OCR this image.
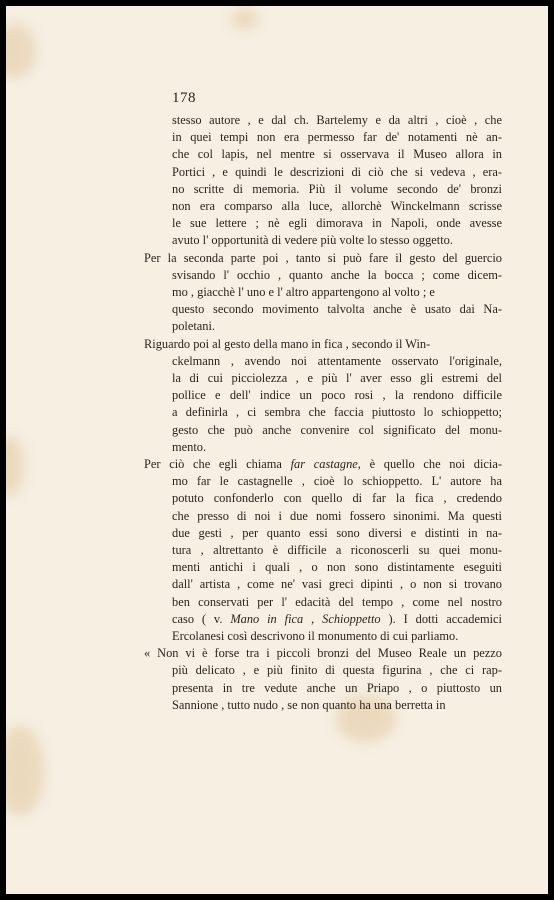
178
stesso autore , e dal ch. Bartelemy e da altri , cioè , che
in quei tempi non era permesso far de' notamenti nè an-
che col lapis, nel mentre si osservava il Museo allora in
Portici , e quindi le descrizioni di ciò che si vedeva , era-
no scritte di memoria. Più il volume secondo de' bronzi
non era comparso alla luce, allorchè Winckelmann scrisse
le sue lettere ; nè egli dimorava in Napoli, onde avesse
avuto l' opportunità di vedere più volte lo stesso oggetto.
Per la seconda parte poi , tanto si può fare il gesto del guercio
svisando l' occhio , quanto anche la bocca ; come dicem-
mo , giacchè l' uno e l' altro appartengono al volto ; e
questo secondo movimento talvolta anche è usato dai Na-
poletani.
Riguardo poi al gesto della mano in fica , secondo il Win-
ckelmann , avendo noi attentamente osservato l'originale,
la di cui picciolezza , e più l' aver esso gli estremi del
pollice e dell' indice un poco rosi , la rendono difficile
a definirla , ci sembra che faccia piuttosto lo schioppetto;
gesto che può anche convenire col significato del monu-
mento.
Per ciò che egli chiama far castagne, è quello che noi dicia-
mo far le castagnelle , cioè lo schioppetto. L' autore ha
potuto confonderlo con quello di far la fica , credendo
che presso di noi i due nomi fossero sinonimi. Ma questi
due gesti , per quanto essi sono diversi e distinti in na-
tura , altrettanto è difficile a riconoscerli su quei monu-
menti antichi i quali , o non sono distintamente eseguiti
dall' artista , come ne' vasi greci dipinti , o non si trovano
ben conservati per l' edacità del tempo , come nel nostro
caso ( v. Mano in fica , Schioppetto ). I dotti accademici
Ercolanesi così descrivono il monumento di cui parliamo.
« Non vi è forse tra i piccoli bronzi del Museo Reale un pezzo
più delicato , e più finito di questa figurina , che ci rap-
presenta in tre vedute anche un Priapo , o piuttosto un
Sannione , tutto nudo , se non quanto ha una berretta in
